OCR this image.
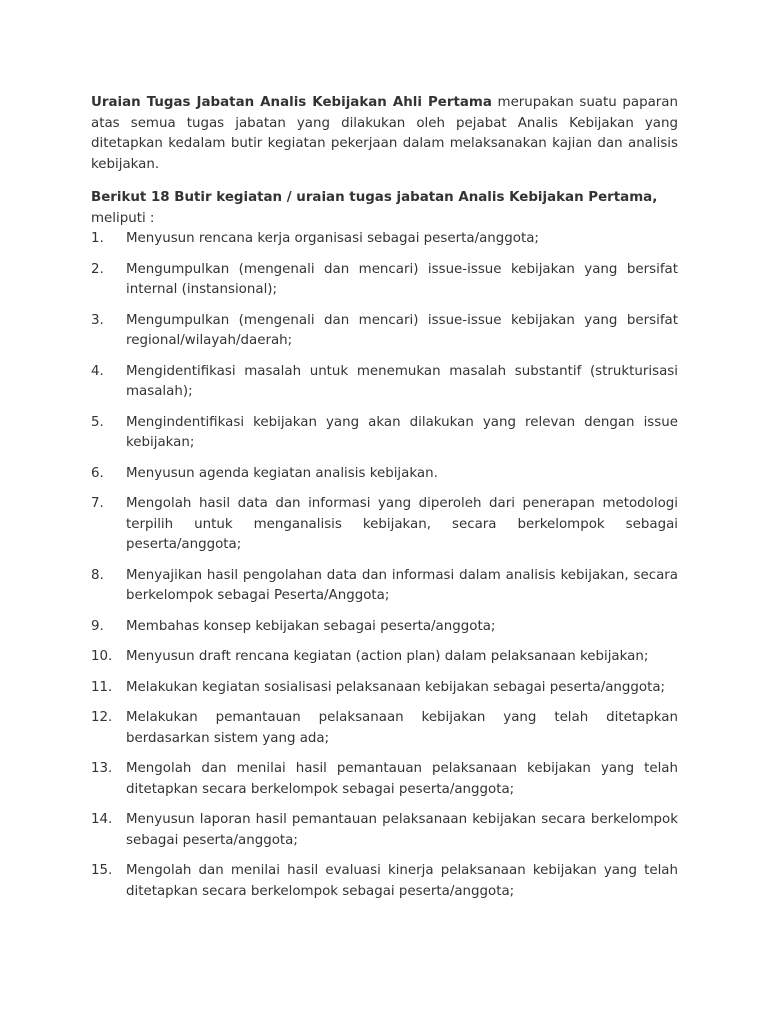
Uraian Tugas Jabatan Analis Kebijakan Ahli Pertama merupakan suatu paparan atas semua tugas jabatan yang dilakukan oleh pejabat Analis Kebijakan yang ditetapkan kedalam butir kegiatan pekerjaan dalam melaksanakan kajian dan analisis kebijakan.

Berikut 18 Butir kegiatan / uraian tugas jabatan Analis Kebijakan Pertama,

meliputi :

1.	Menyusun rencana kerja organisasi sebagai peserta/anggota;
2.	Mengumpulkan (mengenali dan mencari) issue-issue kebijakan yang bersifat internal (instansional);
3.	Mengumpulkan (mengenali dan mencari) issue-issue kebijakan yang bersifat regional/wilayah/daerah;
4.	Mengidentifikasi masalah untuk menemukan masalah substantif (strukturisasi masalah);
5.	Mengindentifikasi kebijakan yang akan dilakukan yang relevan dengan issue kebijakan;
6.	Menyusun agenda kegiatan analisis kebijakan.
7.	Mengolah hasil data dan informasi yang diperoleh dari penerapan metodologi terpilih untuk menganalisis kebijakan, secara berkelompok sebagai peserta/anggota;
8.	Menyajikan hasil pengolahan data dan informasi dalam analisis kebijakan, secara berkelompok sebagai Peserta/Anggota;
9.	Membahas konsep kebijakan sebagai peserta/anggota;
10.	Menyusun draft rencana kegiatan (action plan) dalam pelaksanaan kebijakan;
11.	Melakukan kegiatan sosialisasi pelaksanaan kebijakan sebagai peserta/anggota;
12.	Melakukan pemantauan pelaksanaan kebijakan yang telah ditetapkan berdasarkan sistem yang ada;
13.	Mengolah dan menilai hasil pemantauan pelaksanaan kebijakan yang telah ditetapkan secara berkelompok sebagai peserta/anggota;
14.	Menyusun laporan hasil pemantauan pelaksanaan kebijakan secara berkelompok sebagai peserta/anggota;
15.	Mengolah dan menilai hasil evaluasi kinerja pelaksanaan kebijakan yang telah ditetapkan secara berkelompok sebagai peserta/anggota;
